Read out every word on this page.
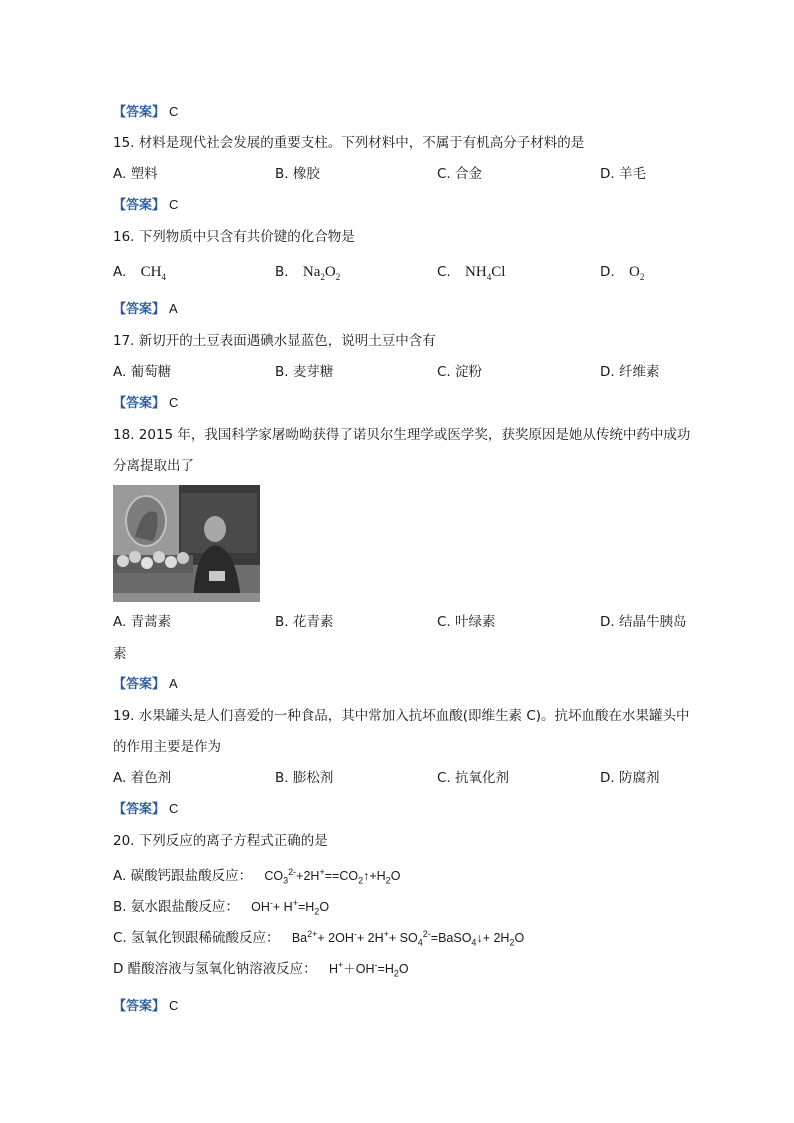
【答案】 C
15. 材料是现代社会发展的重要支柱。下列材料中，不属于有机高分子材料的是
A. 塑料	B. 橡胶	C. 合金	D. 羊毛
【答案】 C
16. 下列物质中只含有共价键的化合物是
A. $CH_4$	B. $Na_2O_2$	C. $NH_4Cl$	D. $O_2$
【答案】 A
17. 新切开的土豆表面遇碘水显蓝色，说明土豆中含有
A. 葡萄糖	B. 麦芽糖	C. 淀粉	D. 纤维素
【答案】 C
18. 2015 年，我国科学家屠呦呦获得了诺贝尔生理学或医学奖，获奖原因是她从传统中药中成功
分离提取出了
A. 青蒿素	B. 花青素	C. 叶绿素	D. 结晶牛胰岛
素
【答案】 A
19. 水果罐头是人们喜爱的一种食品，其中常加入抗坏血酸(即维生素 C)。抗坏血酸在水果罐头中
的作用主要是作为
A. 着色剂	B. 膨松剂	C. 抗氧化剂	D. 防腐剂
【答案】 C
20. 下列反应的离子方程式正确的是
A. 碳酸钙跟盐酸反应： $CO_3^{2-}+2H^+==CO_2↑+H_2O$
B. 氨水跟盐酸反应： $OH^-+ H^+=H_2O$
C. 氢氧化钡跟稀硫酸反应： $Ba^{2+}+ 2OH^-+ 2H^++$ $SO_4^{2-}=BaSO_4↓+ 2H_2O$
D 醋酸溶液与氢氧化钠溶液反应： $H^++OH^-=H_2O$
【答案】 C
